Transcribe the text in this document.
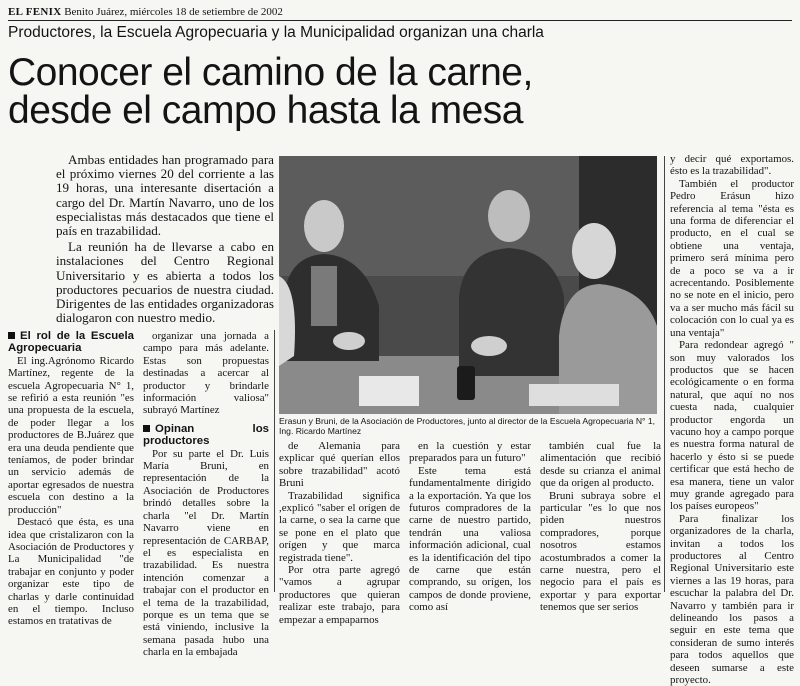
EL FENIX Benito Juárez, miércoles 18 de setiembre de 2002
Productores, la Escuela Agropecuaria y la Municipalidad organizan una charla
Conocer el camino de la carne,
desde el campo hasta la mesa

Ambas entidades han programado para el próximo viernes 20 del corriente a las 19 horas, una interesante disertación a cargo del Dr. Martín Navarro, uno de los especialistas más destacados que tiene el país en trazabilidad.

La reunión ha de llevarse a cabo en instalaciones del Centro Regional Universitario y es abierta a todos los productores pecuarios de nuestra ciudad. Dirigentes de las entidades organizadoras dialogaron con nuestro medio.

Erasun y Bruni, de la Asociación de Productores, junto al director de la Escuela Agropecuaria N° 1, Ing. Ricardo Martínez

El rol de la Escuela Agropecuaria

El ing.Agrónomo Ricardo Martínez, regente de la escuela Agropecuaria N° 1, se refirió a esta reunión "es una propuesta de la escuela, de poder llegar a los productores de B.Juárez que era una deuda pendiente que teníamos, de poder brindar un servicio además de aportar egresados de nuestra escuela con destino a la producción"

Destacó que ésta, es una idea que cristalizaron con la Asociación de Productores y La Municipalidad "de trabajar en conjunto y poder organizar este tipo de charlas y darle continuidad en el tiempo. Incluso estamos en tratativas de

organizar una jornada a campo para más adelante. Estas son propuestas destinadas a acercar al productor y brindarle información valiosa" subrayó Martínez

Opinan los productores

Por su parte el Dr. Luis María Bruni, en representación de la Asociación de Productores brindó detalles sobre la charla "el Dr. Martín Navarro viene en representación de CARBAP, el es especialista en trazabilidad. Es nuestra intención comenzar a trabajar con el productor en el tema de la trazabilidad, porque es un tema que se está viniendo, inclusive la semana pasada hubo una charla en la embajada

de Alemania para explicar qué querían ellos sobre trazabilidad" acotó Bruni

Trazabilidad significa ,explicó "saber el orígen de la carne, o sea la carne que se pone en el plato que orígen y que marca registrada tiene".

Por otra parte agregó "vamos a agrupar productores que quieran realizar este trabajo, para empezar a empaparnos

en la cuestión y estar preparados para un futuro"

Este tema está fundamentalmente dirigido a la exportación. Ya que los futuros compradores de la carne de nuestro partido, tendrán una valiosa información adicional, cual es la identificación del tipo de carne que están comprando, su orígen, los campos de donde proviene, como así

también cual fue la alimentación que recibió desde su crianza el animal que da origen al producto.

Bruni subraya sobre el particular "es lo que nos piden nuestros compradores, porque nosotros estamos acostumbrados a comer la carne nuestra, pero el negocio para el país es exportar y para exportar tenemos que ser serios

y decir qué exportamos. ésto es la trazabilidad".

También el productor Pedro Erásun hizo referencia al tema "ésta es una forma de diferenciar el producto, en el cual se obtiene una ventaja, primero será mínima pero de a poco se va a ir acrecentando. Posiblemente no se note en el inicio, pero va a ser mucho más fácil su colocación con lo cual ya es una ventaja"

Para redondear agregó " son muy valorados los productos que se hacen ecológicamente o en forma natural, que aquí no nos cuesta nada, cualquier productor engorda un vacuno hoy a campo porque es nuestra forma natural de hacerlo y ésto si se puede certificar que está hecho de esa manera, tiene un valor muy grande agregado para los países europeos"

Para finalizar los organizadores de la charla, invitan a todos los productores al Centro Regional Universitario este viernes a las 19 horas, para escuchar la palabra del Dr. Navarro y también para ir delineando los pasos a seguir en este tema que consideran de sumo interés para todos aquellos que deseen sumarse a este proyecto.
